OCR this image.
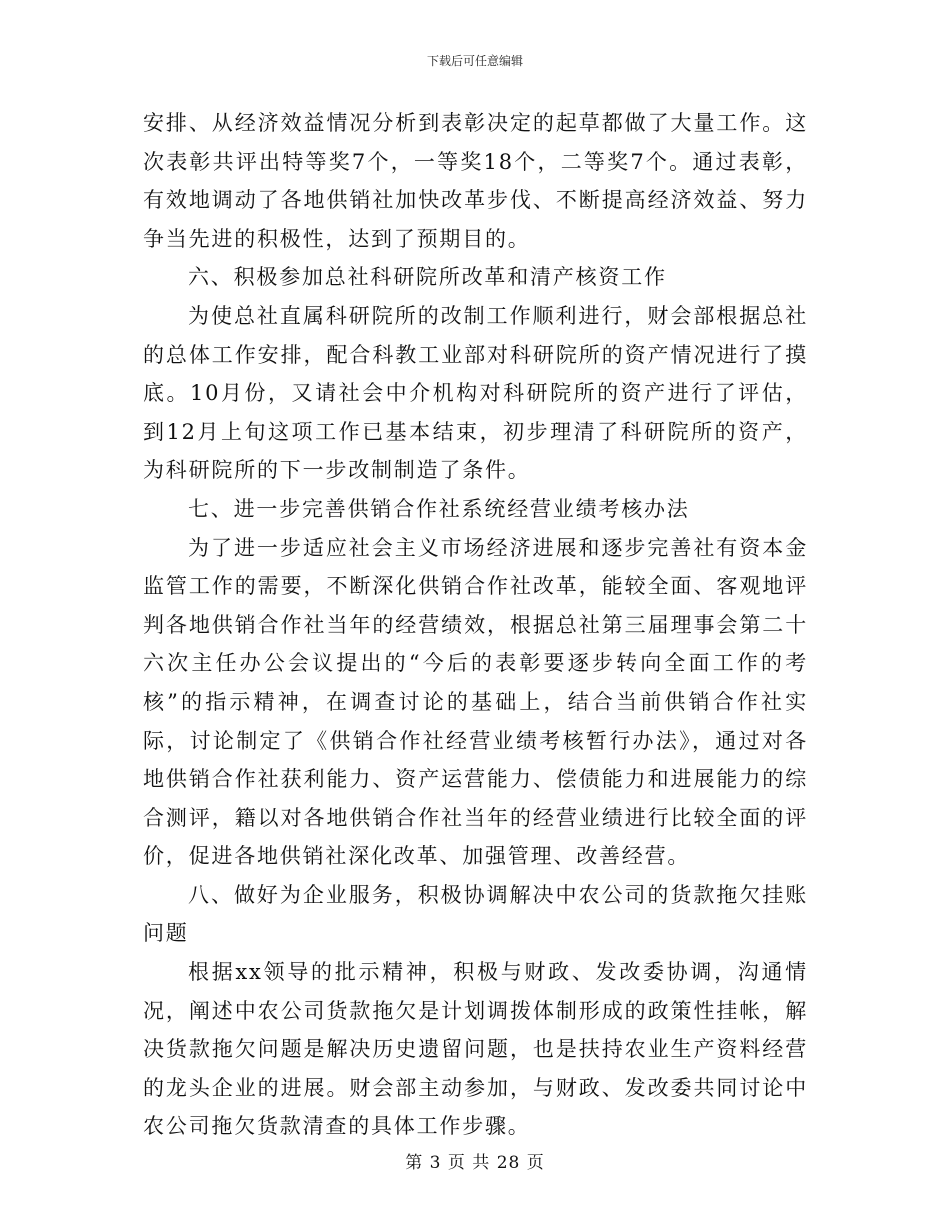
下载后可任意编辑

安排、从经济效益情况分析到表彰决定的起草都做了大量工作。这次表彰共评出特等奖7个，一等奖18个，二等奖7个。通过表彰，有效地调动了各地供销社加快改革步伐、不断提高经济效益、努力争当先进的积极性，达到了预期目的。

六、积极参加总社科研院所改革和清产核资工作

为使总社直属科研院所的改制工作顺利进行，财会部根据总社的总体工作安排，配合科教工业部对科研院所的资产情况进行了摸底。10月份，又请社会中介机构对科研院所的资产进行了评估，到12月上旬这项工作已基本结束，初步理清了科研院所的资产，为科研院所的下一步改制制造了条件。

七、进一步完善供销合作社系统经营业绩考核办法

为了进一步适应社会主义市场经济进展和逐步完善社有资本金监管工作的需要，不断深化供销合作社改革，能较全面、客观地评判各地供销合作社当年的经营绩效，根据总社第三届理事会第二十六次主任办公会议提出的“今后的表彰要逐步转向全面工作的考核”的指示精神，在调查讨论的基础上，结合当前供销合作社实际，讨论制定了《供销合作社经营业绩考核暂行办法》，通过对各地供销合作社获利能力、资产运营能力、偿债能力和进展能力的综合测评，籍以对各地供销合作社当年的经营业绩进行比较全面的评价，促进各地供销社深化改革、加强管理、改善经营。

八、做好为企业服务，积极协调解决中农公司的货款拖欠挂账问题

根据xx领导的批示精神，积极与财政、发改委协调，沟通情况，阐述中农公司货款拖欠是计划调拨体制形成的政策性挂帐，解决货款拖欠问题是解决历史遗留问题，也是扶持农业生产资料经营的龙头企业的进展。财会部主动参加，与财政、发改委共同讨论中农公司拖欠货款清查的具体工作步骤。

第 3 页 共 28 页
